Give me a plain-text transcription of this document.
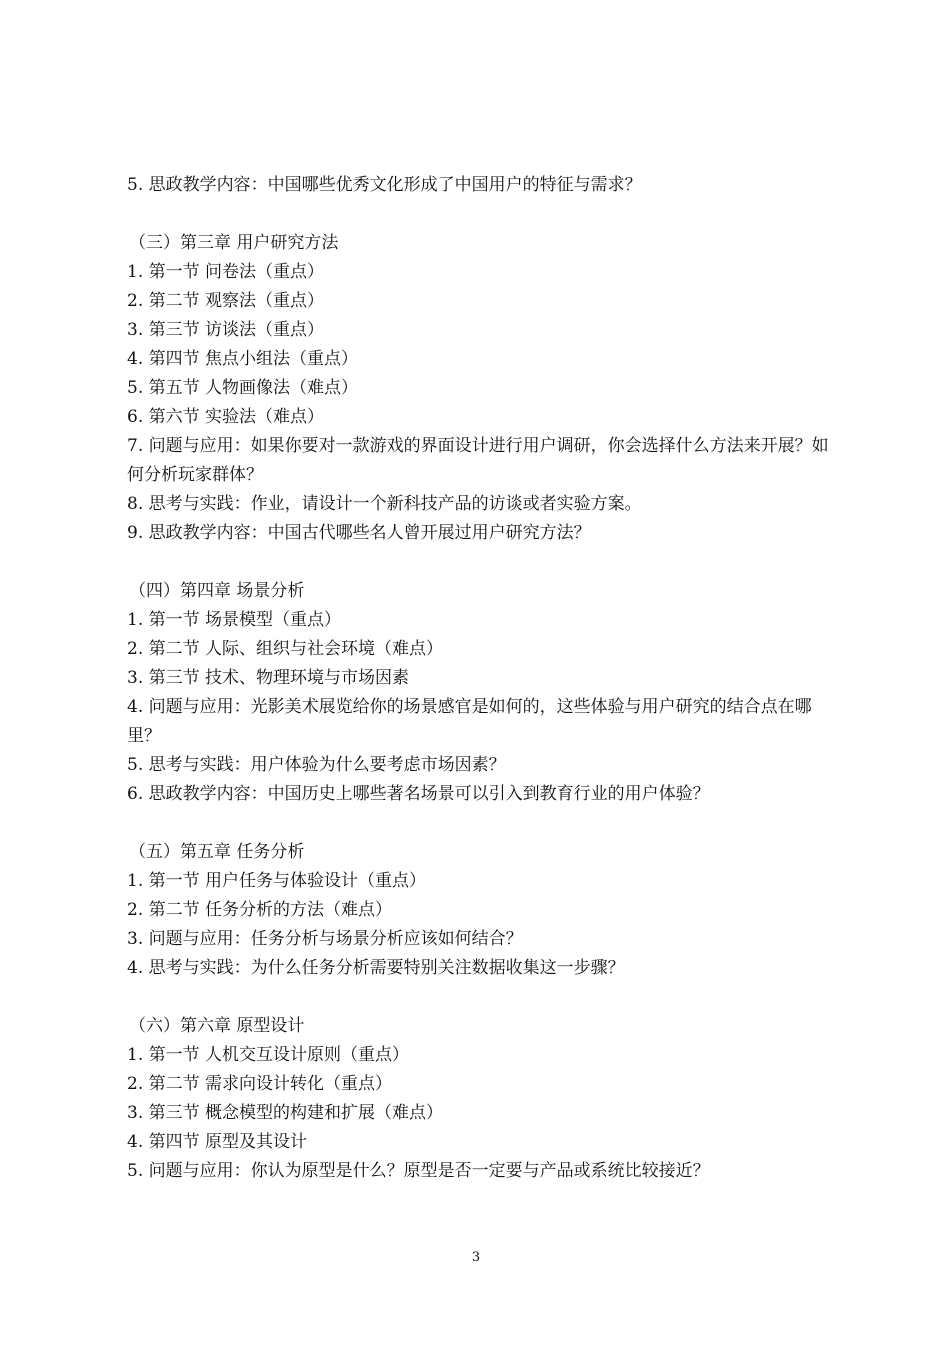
5. 思政教学内容：中国哪些优秀文化形成了中国用户的特征与需求？

（三）第三章 用户研究方法

1. 第一节 问卷法（重点）

2. 第二节 观察法（重点）

3. 第三节 访谈法（重点）

4. 第四节 焦点小组法（重点）

5. 第五节 人物画像法（难点）

6. 第六节 实验法（难点）

7. 问题与应用：如果你要对一款游戏的界面设计进行用户调研，你会选择什么方法来开展？如何分析玩家群体？

8. 思考与实践：作业，请设计一个新科技产品的访谈或者实验方案。

9. 思政教学内容：中国古代哪些名人曾开展过用户研究方法？

（四）第四章 场景分析

1. 第一节 场景模型（重点）

2. 第二节 人际、组织与社会环境（难点）

3. 第三节 技术、物理环境与市场因素

4. 问题与应用：光影美术展览给你的场景感官是如何的，这些体验与用户研究的结合点在哪里？

5. 思考与实践：用户体验为什么要考虑市场因素？

6. 思政教学内容：中国历史上哪些著名场景可以引入到教育行业的用户体验？

（五）第五章 任务分析

1. 第一节 用户任务与体验设计（重点）

2. 第二节 任务分析的方法（难点）

3. 问题与应用：任务分析与场景分析应该如何结合？

4. 思考与实践：为什么任务分析需要特别关注数据收集这一步骤？

（六）第六章 原型设计

1. 第一节 人机交互设计原则（重点）

2. 第二节 需求向设计转化（重点）

3. 第三节 概念模型的构建和扩展（难点）

4. 第四节 原型及其设计

5. 问题与应用：你认为原型是什么？原型是否一定要与产品或系统比较接近？

3
